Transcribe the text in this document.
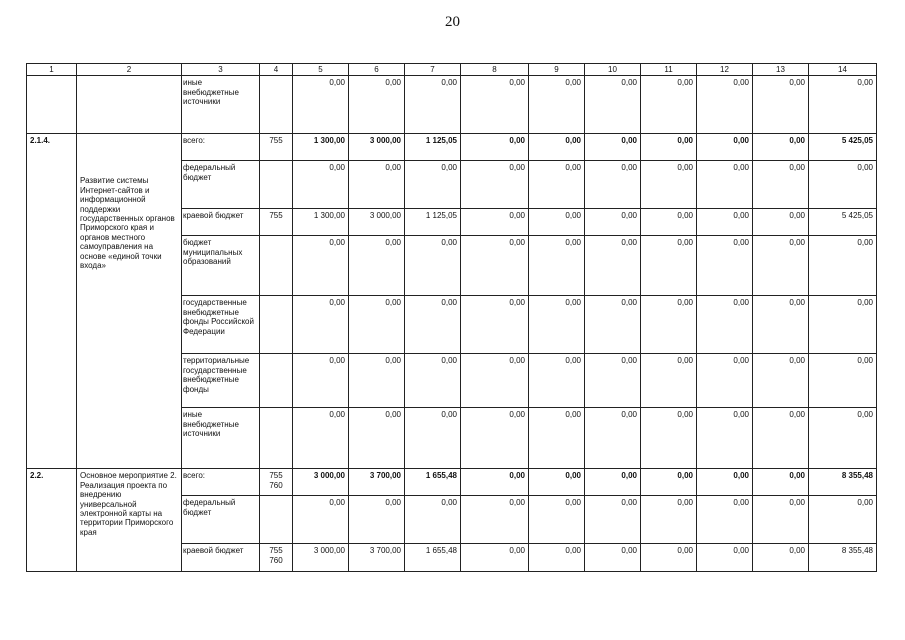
20
1	2	3	4	5	6	7	8	9	10	11	12	13	14
		иные внебюджетные источники		0,00	0,00	0,00	0,00	0,00	0,00	0,00	0,00	0,00	0,00
2.1.4.	Развитие системы Интернет-сайтов и информационной поддержки государственных органов Приморского края и органов местного самоуправления на основе «единой точки входа»	всего:	755	1 300,00	3 000,00	1 125,05	0,00	0,00	0,00	0,00	0,00	0,00	5 425,05
		федеральный бюджет		0,00	0,00	0,00	0,00	0,00	0,00	0,00	0,00	0,00	0,00
		краевой бюджет	755	1 300,00	3 000,00	1 125,05	0,00	0,00	0,00	0,00	0,00	0,00	5 425,05
		бюджет муниципальных образований		0,00	0,00	0,00	0,00	0,00	0,00	0,00	0,00	0,00	0,00
		государственные внебюджетные фонды Российской Федерации		0,00	0,00	0,00	0,00	0,00	0,00	0,00	0,00	0,00	0,00
		территориальные государственные внебюджетные фонды		0,00	0,00	0,00	0,00	0,00	0,00	0,00	0,00	0,00	0,00
		иные внебюджетные источники		0,00	0,00	0,00	0,00	0,00	0,00	0,00	0,00	0,00	0,00
2.2.	Основное мероприятие 2. Реализация проекта по внедрению универсальной электронной карты на территории Приморского края	всего:	755 760	3 000,00	3 700,00	1 655,48	0,00	0,00	0,00	0,00	0,00	0,00	8 355,48
		федеральный бюджет		0,00	0,00	0,00	0,00	0,00	0,00	0,00	0,00	0,00	0,00
		краевой бюджет	755 760	3 000,00	3 700,00	1 655,48	0,00	0,00	0,00	0,00	0,00	0,00	8 355,48
